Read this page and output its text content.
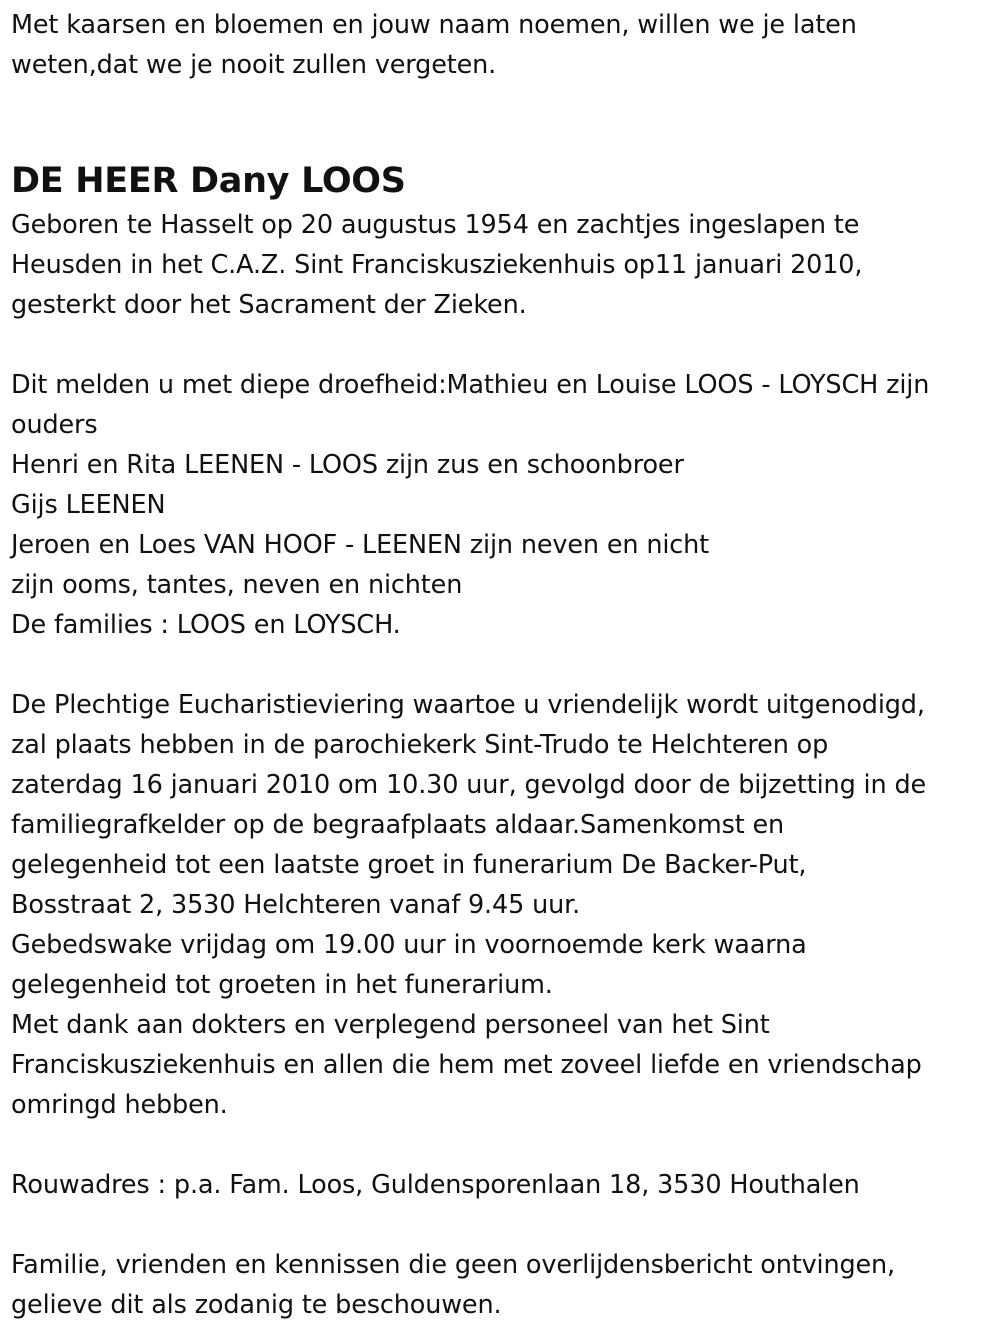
Met kaarsen en bloemen en jouw naam noemen, willen we je laten
weten,dat we je nooit zullen vergeten.
DE HEER Dany LOOS
Geboren te Hasselt op 20 augustus 1954 en zachtjes ingeslapen te
Heusden in het C.A.Z. Sint Franciskusziekenhuis op11 januari 2010,
gesterkt door het Sacrament der Zieken.
Dit melden u met diepe droefheid:Mathieu en Louise LOOS - LOYSCH zijn
ouders
Henri en Rita LEENEN - LOOS zijn zus en schoonbroer
Gijs LEENEN
Jeroen en Loes VAN HOOF - LEENEN zijn neven en nicht
zijn ooms, tantes, neven en nichten
De families : LOOS en LOYSCH.
De Plechtige Eucharistieviering waartoe u vriendelijk wordt uitgenodigd,
zal plaats hebben in de parochiekerk Sint-Trudo te Helchteren op
zaterdag 16 januari 2010 om 10.30 uur, gevolgd door de bijzetting in de
familiegrafkelder op de begraafplaats aldaar.Samenkomst en
gelegenheid tot een laatste groet in funerarium De Backer-Put,
Bosstraat 2, 3530 Helchteren vanaf 9.45 uur.
Gebedswake vrijdag om 19.00 uur in voornoemde kerk waarna
gelegenheid tot groeten in het funerarium.
Met dank aan dokters en verplegend personeel van het Sint
Franciskusziekenhuis en allen die hem met zoveel liefde en vriendschap
omringd hebben.
Rouwadres : p.a. Fam. Loos, Guldensporenlaan 18, 3530 Houthalen
Familie, vrienden en kennissen die geen overlijdensbericht ontvingen,
gelieve dit als zodanig te beschouwen.
